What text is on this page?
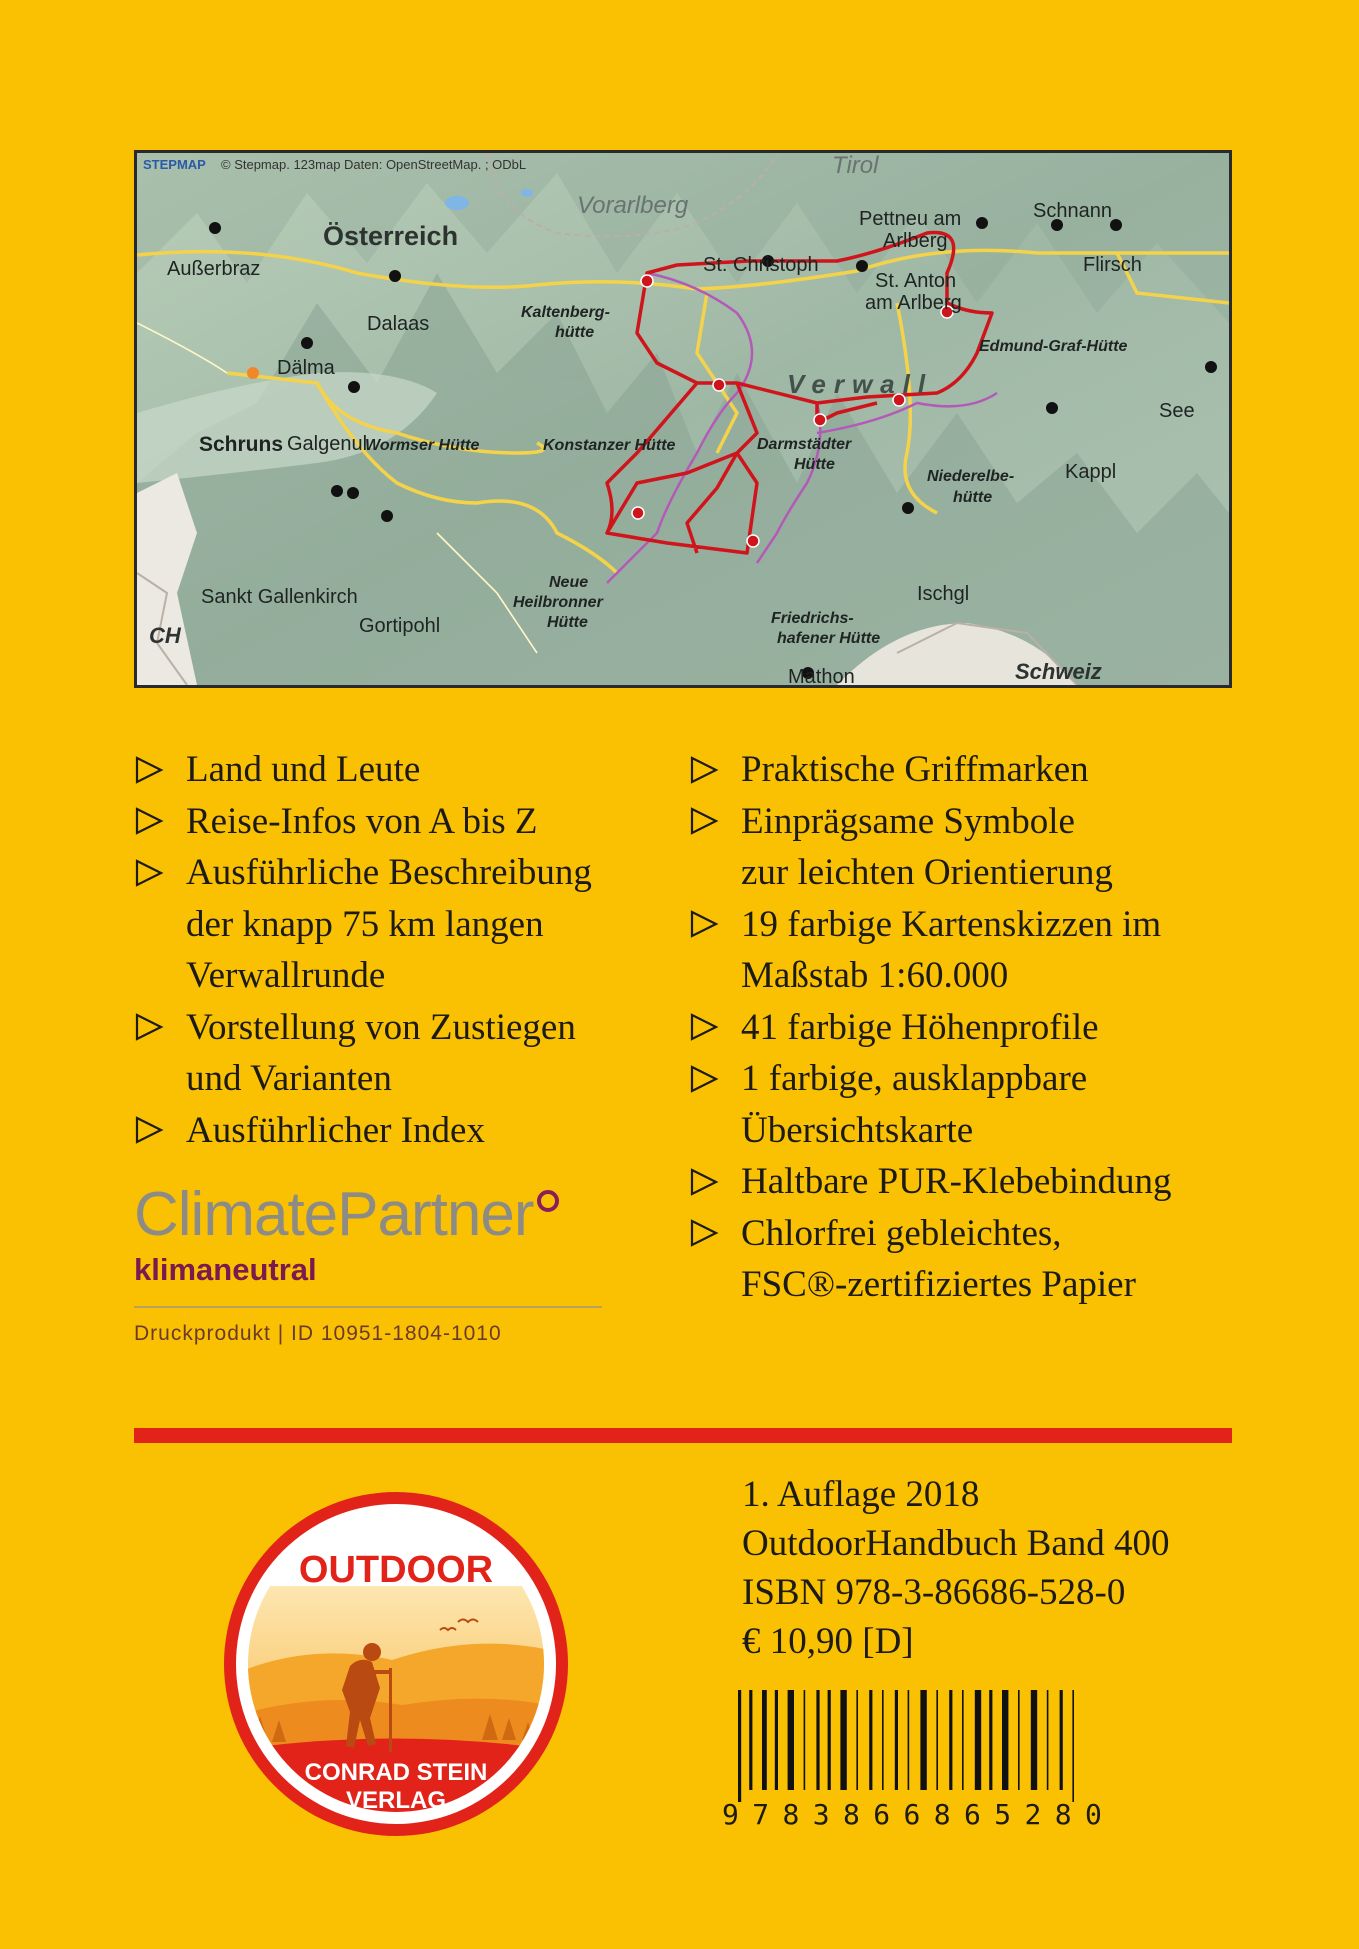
STEPMAP © Stepmap. 123map Daten: OpenStreetMap. ; ODbL	Tirol
Vorarlberg
Österreich
Verwall
CH
Schweiz
Außerbraz
Dalaas
Dälma
Galgenul
Sankt Gallenkirch
Gortipohl
St. Christoph
Pettneu am
Arlberg
Schnann
Flirsch
St. Anton
am Arlberg
See
Kappl
Ischgl
Mathon
Schruns	Wormser Hütte
Kaltenberg-
hütte
Konstanzer Hütte	Darmstädter
Hütte
Edmund-Graf-Hütte
Niederelbe-
hütte
Neue
Heilbronner
Hütte	Friedrichs-
hafener Hütte
Land und Leute
Reise-Infos von A bis Z
Ausführliche Beschreibung
der knapp 75 km langen
Verwallrunde
Vorstellung von Zustiegen
und Varianten
Ausführlicher Index
Praktische Griffmarken
Einprägsame Symbole
zur leichten Orientierung
19 farbige Kartenskizzen im
Maßstab 1:60.000
41 farbige Höhenprofile
1 farbige, ausklappbare
Übersichtskarte
Haltbare PUR-Klebebindung
Chlorfrei gebleichtes,
FSC®-zertifiziertes Papier
ClimatePartner
klimaneutral
Druckprodukt | ID 10951-1804-1010
OUTDOOR
CONRAD STEIN
VERLAG
1. Auflage 2018
OutdoorHandbuch Band 400
ISBN 978-3-86686-528-0
€ 10,90 [D]
9 7 8 3 8 6 6 8 6 5 2 8 0
